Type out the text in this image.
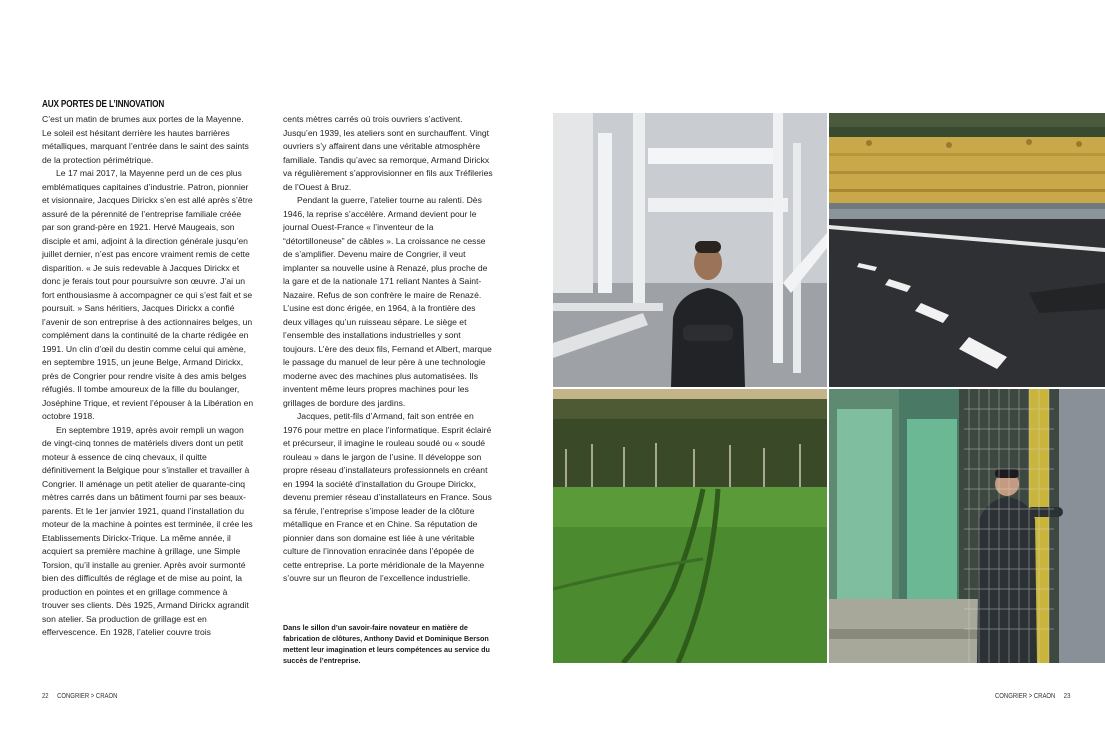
AUX PORTES DE L’INNOVATION

C’est un matin de brumes aux portes de la Mayenne. Le soleil est hésitant derrière les hautes barrières métalliques, marquant l’entrée dans le saint des saints de la protection périmétrique.

Le 17 mai 2017, la Mayenne perd un de ces plus emblématiques capitaines d’industrie. Patron, pionnier et visionnaire, Jacques Dirickx s’en est allé après s’être assuré de la pérennité de l’entreprise familiale créée par son grand-père en 1921. Hervé Maugeais, son disciple et ami, adjoint à la direction générale jusqu’en juillet dernier, n’est pas encore vraiment remis de cette disparition. « Je suis redevable à Jacques Dirickx et donc je ferais tout pour poursuivre son œuvre. J’ai un fort enthousiasme à accompagner ce qui s’est fait et se poursuit. » Sans héritiers, Jacques Dirickx a confié l’avenir de son entreprise à des actionnaires belges, un complément dans la continuité de la charte rédigée en 1991. Un clin d’œil du destin comme celui qui amène, en septembre 1915, un jeune Belge, Armand Dirickx, près de Congrier pour rendre visite à des amis belges réfugiés. Il tombe amoureux de la fille du boulanger, Joséphine Trique, et revient l’épouser à la Libération en octobre 1918.

En septembre 1919, après avoir rempli un wagon de vingt-cinq tonnes de matériels divers dont un petit moteur à essence de cinq chevaux, il quitte définitivement la Belgique pour s’installer et travailler à Congrier. Il aménage un petit atelier de quarante-cinq mètres carrés dans un bâtiment fourni par ses beaux-parents. Et le 1er janvier 1921, quand l’installation du moteur de la machine à pointes est terminée, il crée les Etablissements Dirickx-Trique. La même année, il acquiert sa première machine à grillage, une Simple Torsion, qu’il installe au grenier. Après avoir surmonté bien des difficultés de réglage et de mise au point, la production en pointes et en grillage commence à trouver ses clients. Dès 1925, Armand Dirickx agrandit son atelier. Sa production de grillage est en effervescence. En 1928, l’atelier couvre trois

cents mètres carrés où trois ouvriers s’activent. Jusqu’en 1939, les ateliers sont en surchauffent. Vingt ouvriers s’y affairent dans une véritable atmosphère familiale. Tandis qu’avec sa remorque, Armand Dirickx va régulièrement s’approvisionner en fils aux Tréfileries de l’Ouest à Bruz.

Pendant la guerre, l’atelier tourne au ralenti. Dès 1946, la reprise s’accélère. Armand devient pour le journal Ouest-France « l’inventeur de la “détortilloneuse” de câbles ». La croissance ne cesse de s’amplifier. Devenu maire de Congrier, il veut implanter sa nouvelle usine à Renazé, plus proche de la gare et de la nationale 171 reliant Nantes à Saint-Nazaire. Refus de son confrère le maire de Renazé. L’usine est donc érigée, en 1964, à la frontière des deux villages qu’un ruisseau sépare. Le siège et l’ensemble des installations industrielles y sont toujours. L’ère des deux fils, Fernand et Albert, marque le passage du manuel de leur père à une technologie moderne avec des machines plus automatisées. Ils inventent même leurs propres machines pour les grillages de bordure des jardins.

Jacques, petit-fils d’Armand, fait son entrée en 1976 pour mettre en place l’informatique. Esprit éclairé et précurseur, il imagine le rouleau soudé ou « soudé rouleau » dans le jargon de l’usine. Il développe son propre réseau d’installateurs professionnels en créant en 1994 la société d’installation du Groupe Dirickx, devenu premier réseau d’installateurs en France. Sous sa férule, l’entreprise s’impose leader de la clôture métallique en France et en Chine. Sa réputation de pionnier dans son domaine est liée à une véritable culture de l’innovation enracinée dans l’épopée de cette entreprise. La porte méridionale de la Mayenne s’ouvre sur un fleuron de l’excellence industrielle.

Dans le sillon d’un savoir-faire novateur en matière de fabrication de clôtures, Anthony David et Dominique Berson mettent leur imagination et leurs compétences au service du succès de l’entreprise.
22 CONGRIER > CRAON	CONGRIER > CRAON 23
